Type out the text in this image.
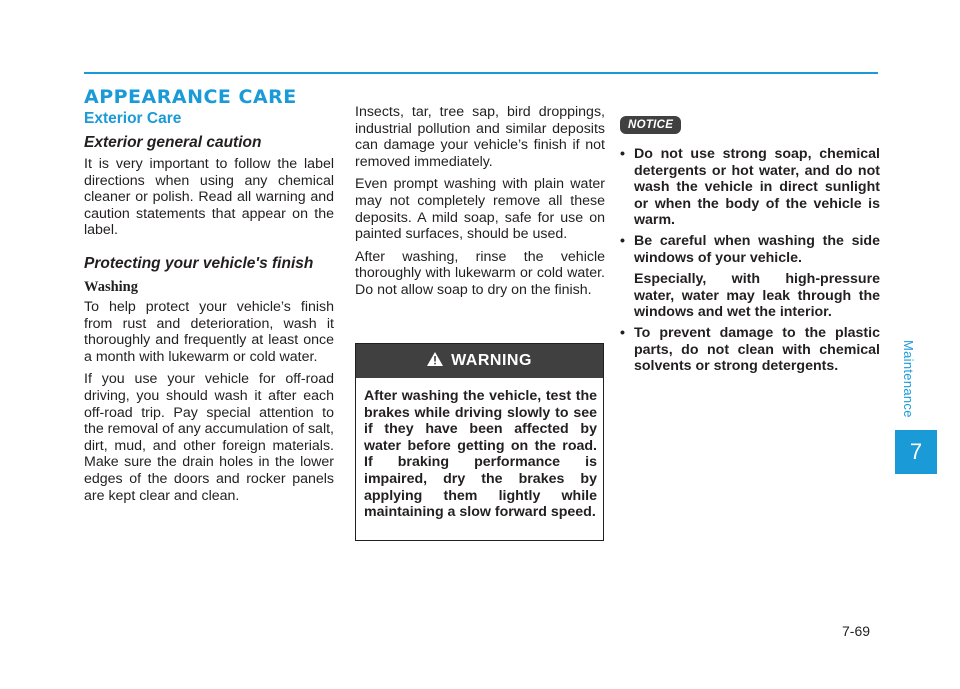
APPEARANCE CARE
Exterior Care
Exterior general caution

It is very important to follow the label directions when using any chemical cleaner or polish. Read all warning and caution statements that appear on the label.

Protecting your vehicle's finish
Washing

To help protect your vehicle’s finish from rust and deterioration, wash it thoroughly and frequently at least once a month with lukewarm or cold water.

If you use your vehicle for off-road driving, you should wash it after each off-road trip. Pay special attention to the removal of any accumulation of salt, dirt, mud, and other foreign materials. Make sure the drain holes in the lower edges of the doors and rocker panels are kept clear and clean.

Insects, tar, tree sap, bird droppings, industrial pollution and similar deposits can damage your vehicle’s finish if not removed immediately.

Even prompt washing with plain water may not completely remove all these deposits. A mild soap, safe for use on painted surfaces, should be used.

After washing, rinse the vehicle thoroughly with lukewarm or cold water. Do not allow soap to dry on the finish.

WARNING

After washing the vehicle, test the brakes while driving slowly to see if they have been affected by water before getting on the road. If braking performance is impaired, dry the brakes by applying them lightly while maintaining a slow forward speed.

NOTICE
• Do not use strong soap, chemical detergents or hot water, and do not wash the vehicle in direct sunlight or when the body of the vehicle is warm.
• Be careful when washing the side windows of your vehicle.
Especially, with high-pressure water, water may leak through the windows and wet the interior.
• To prevent damage to the plastic parts, do not clean with chemical solvents or strong detergents.	Maintenance
7
7-69
